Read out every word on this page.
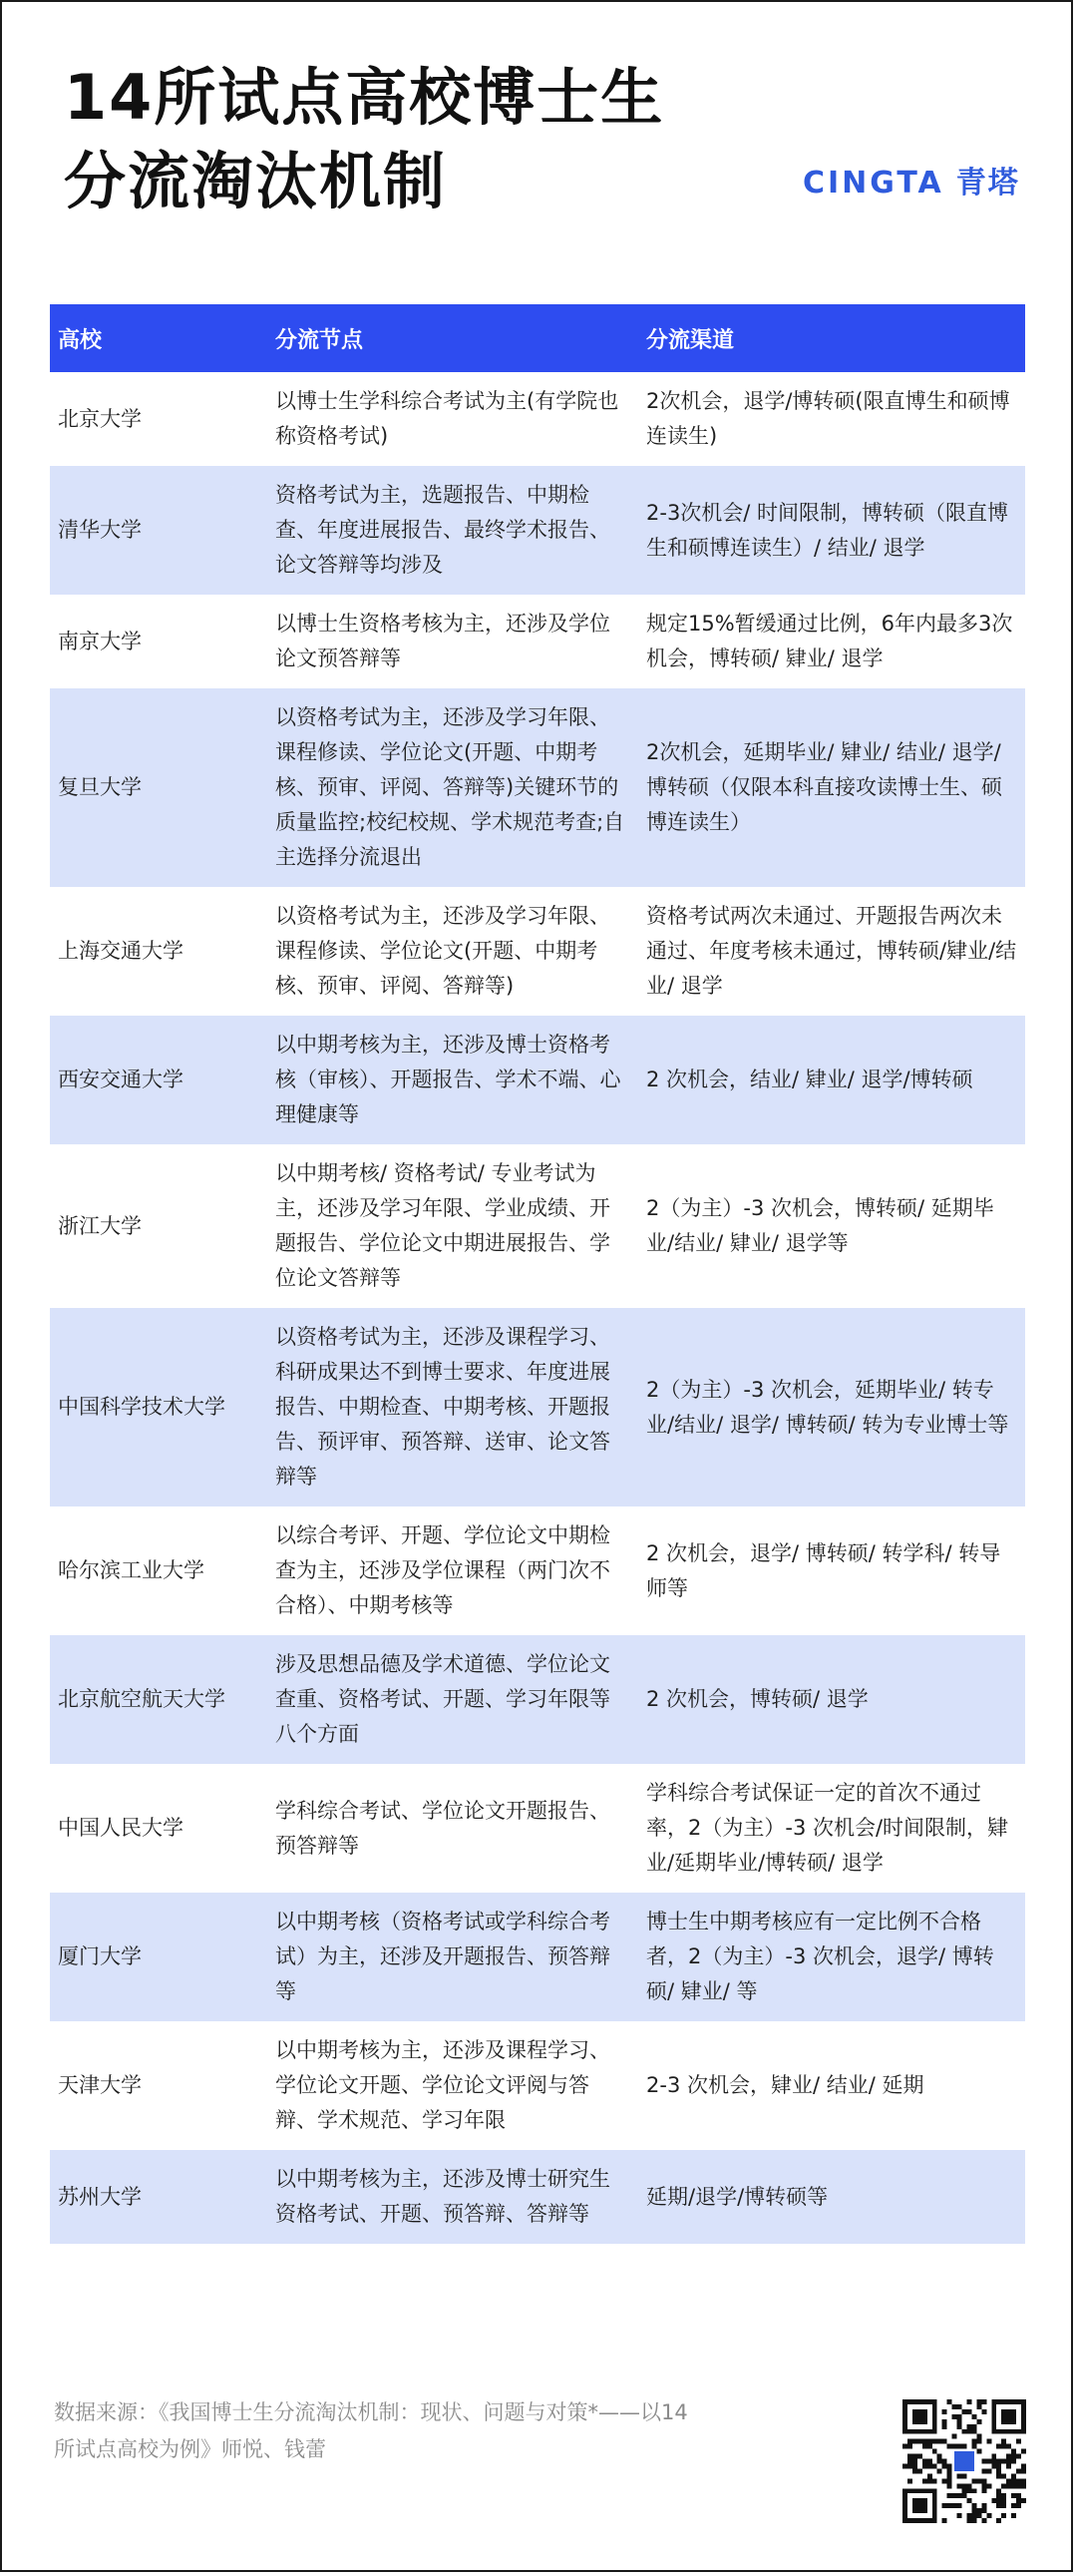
14所试点高校博士生
分流淘汰机制	CINGTA 青塔
高校	分流节点	分流渠道
北京大学	以博士生学科综合考试为主(有学院也称资格考试)	2次机会，退学/博转硕(限直博生和硕博连读生)
清华大学	资格考试为主，选题报告、中期检查、年度进展报告、最终学术报告、论文答辩等均涉及	2-3次机会/ 时间限制，博转硕（限直博生和硕博连读生）/ 结业/ 退学
南京大学	以博士生资格考核为主，还涉及学位论文预答辩等	规定15%暂缓通过比例，6年内最多3次机会，博转硕/ 肄业/ 退学
复旦大学	以资格考试为主，还涉及学习年限、课程修读、学位论文(开题、中期考核、预审、评阅、答辩等)关键环节的质量监控;校纪校规、学术规范考查;自主选择分流退出	2次机会，延期毕业/ 肄业/ 结业/ 退学/博转硕（仅限本科直接攻读博士生、硕博连读生）
上海交通大学	以资格考试为主，还涉及学习年限、课程修读、学位论文(开题、中期考核、预审、评阅、答辩等)	资格考试两次未通过、开题报告两次未通过、年度考核未通过，博转硕/肄业/结业/ 退学
西安交通大学	以中期考核为主，还涉及博士资格考核（审核）、开题报告、学术不端、心理健康等	2 次机会，结业/ 肄业/ 退学/博转硕
浙江大学	以中期考核/ 资格考试/ 专业考试为主，还涉及学习年限、学业成绩、开题报告、学位论文中期进展报告、学位论文答辩等	2（为主）-3 次机会，博转硕/ 延期毕业/结业/ 肄业/ 退学等
中国科学技术大学	以资格考试为主，还涉及课程学习、科研成果达不到博士要求、年度进展报告、中期检查、中期考核、开题报告、预评审、预答辩、送审、论文答辩等	2（为主）-3 次机会，延期毕业/ 转专业/结业/ 退学/ 博转硕/ 转为专业博士等
哈尔滨工业大学	以综合考评、开题、学位论文中期检查为主，还涉及学位课程（两门次不合格）、中期考核等	2 次机会，退学/ 博转硕/ 转学科/ 转导师等
北京航空航天大学	涉及思想品德及学术道德、学位论文查重、资格考试、开题、学习年限等八个方面	2 次机会，博转硕/ 退学
中国人民大学	学科综合考试、学位论文开题报告、预答辩等	学科综合考试保证一定的首次不通过率，2（为主）-3 次机会/时间限制，肄业/延期毕业/博转硕/ 退学
厦门大学	以中期考核（资格考试或学科综合考试）为主，还涉及开题报告、预答辩等	博士生中期考核应有一定比例不合格者，2（为主）-3 次机会，退学/ 博转硕/ 肄业/ 等
天津大学	以中期考核为主，还涉及课程学习、学位论文开题、学位论文评阅与答辩、学术规范、学习年限	2-3 次机会，肄业/ 结业/ 延期
苏州大学	以中期考核为主，还涉及博士研究生资格考试、开题、预答辩、答辩等	延期/退学/博转硕等
数据来源：《我国博士生分流淘汰机制：现状、问题与对策*——以14所试点高校为例》师悦、钱蕾
